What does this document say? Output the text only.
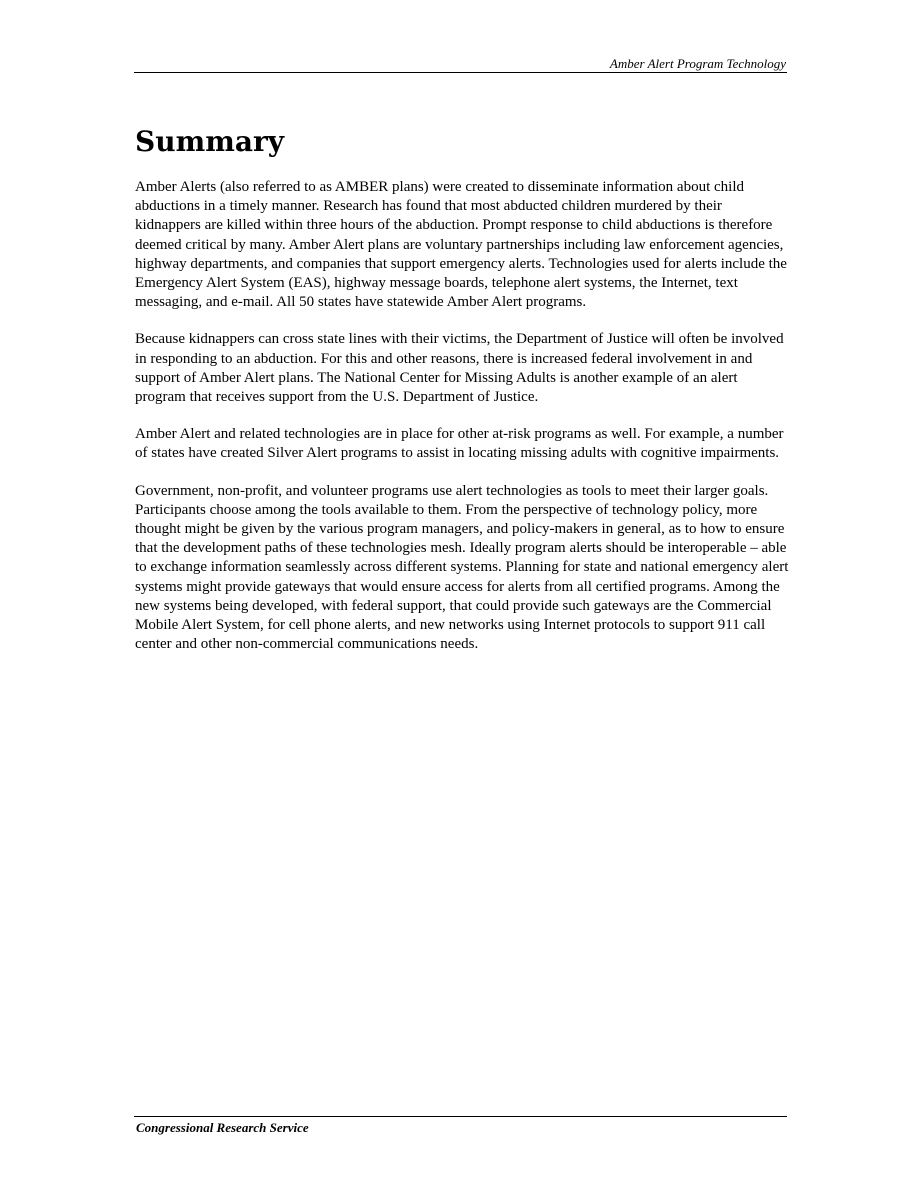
Amber Alert Program Technology
Summary

Amber Alerts (also referred to as AMBER plans) were created to disseminate information about child abductions in a timely manner. Research has found that most abducted children murdered by their kidnappers are killed within three hours of the abduction. Prompt response to child abductions is therefore deemed critical by many. Amber Alert plans are voluntary partnerships including law enforcement agencies, highway departments, and companies that support emergency alerts. Technologies used for alerts include the Emergency Alert System (EAS), highway message boards, telephone alert systems, the Internet, text messaging, and e-mail. All 50 states have statewide Amber Alert programs.

Because kidnappers can cross state lines with their victims, the Department of Justice will often be involved in responding to an abduction. For this and other reasons, there is increased federal involvement in and support of Amber Alert plans. The National Center for Missing Adults is another example of an alert program that receives support from the U.S. Department of Justice.

Amber Alert and related technologies are in place for other at-risk programs as well. For example, a number of states have created Silver Alert programs to assist in locating missing adults with cognitive impairments.

Government, non-profit, and volunteer programs use alert technologies as tools to meet their larger goals. Participants choose among the tools available to them. From the perspective of technology policy, more thought might be given by the various program managers, and policy-makers in general, as to how to ensure that the development paths of these technologies mesh. Ideally program alerts should be interoperable – able to exchange information seamlessly across different systems. Planning for state and national emergency alert systems might provide gateways that would ensure access for alerts from all certified programs. Among the new systems being developed, with federal support, that could provide such gateways are the Commercial Mobile Alert System, for cell phone alerts, and new networks using Internet protocols to support 911 call center and other non-commercial communications needs.

Congressional Research Service
